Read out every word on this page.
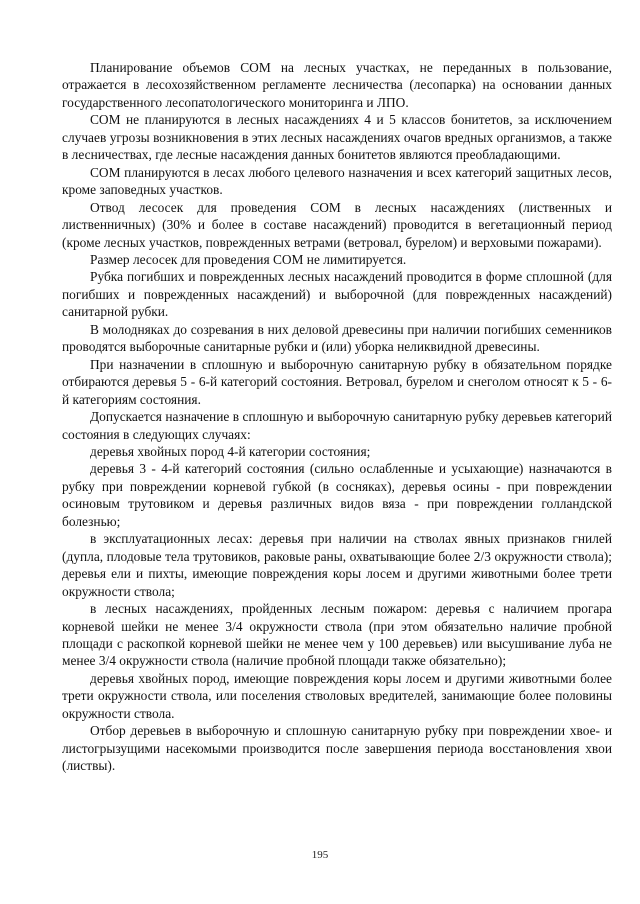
Планирование объемов СОМ на лесных участках, не переданных в пользование, отражается в лесохозяйственном регламенте лесничества (лесопарка) на основании данных государственного лесопатологического мониторинга и ЛПО.

СОМ не планируются в лесных насаждениях 4 и 5 классов бонитетов, за исключением случаев угрозы возникновения в этих лесных насаждениях очагов вредных организмов, а также в лесничествах, где лесные насаждения данных бонитетов являются преобладающими.

СОМ планируются в лесах любого целевого назначения и всех категорий защитных лесов, кроме заповедных участков.

Отвод лесосек для проведения СОМ в лесных насаждениях (лиственных и лиственничных) (30% и более в составе насаждений) проводится в вегетационный период (кроме лесных участков, поврежденных ветрами (ветровал, бурелом) и верховыми пожарами).

Размер лесосек для проведения СОМ не лимитируется.

Рубка погибших и поврежденных лесных насаждений проводится в форме сплошной (для погибших и поврежденных насаждений) и выборочной (для поврежденных насаждений) санитарной рубки.

В молодняках до созревания в них деловой древесины при наличии погибших семенников проводятся выборочные санитарные рубки и (или) уборка неликвидной древесины.

При назначении в сплошную и выборочную санитарную рубку в обязательном порядке отбираются деревья 5 - 6-й категорий состояния. Ветровал, бурелом и снеголом относят к 5 - 6-й категориям состояния.

Допускается назначение в сплошную и выборочную санитарную рубку деревьев категорий состояния в следующих случаях:

деревья хвойных пород 4-й категории состояния;

деревья 3 - 4-й категорий состояния (сильно ослабленные и усыхающие) назначаются в рубку при повреждении корневой губкой (в сосняках), деревья осины - при повреждении осиновым трутовиком и деревья различных видов вяза - при повреждении голландской болезнью;

в эксплуатационных лесах: деревья при наличии на стволах явных признаков гнилей (дупла, плодовые тела трутовиков, раковые раны, охватывающие более 2/3 окружности ствола); деревья ели и пихты, имеющие повреждения коры лосем и другими животными более трети окружности ствола;

в лесных насаждениях, пройденных лесным пожаром: деревья с наличием прогара корневой шейки не менее 3/4 окружности ствола (при этом обязательно наличие пробной площади с раскопкой корневой шейки не менее чем у 100 деревьев) или высушивание луба не менее 3/4 окружности ствола (наличие пробной площади также обязательно);

деревья хвойных пород, имеющие повреждения коры лосем и другими животными более трети окружности ствола, или поселения стволовых вредителей, занимающие более половины окружности ствола.

Отбор деревьев в выборочную и сплошную санитарную рубку при повреждении хвое- и листогрызущими насекомыми производится после завершения периода восстановления хвои (листвы).

195
